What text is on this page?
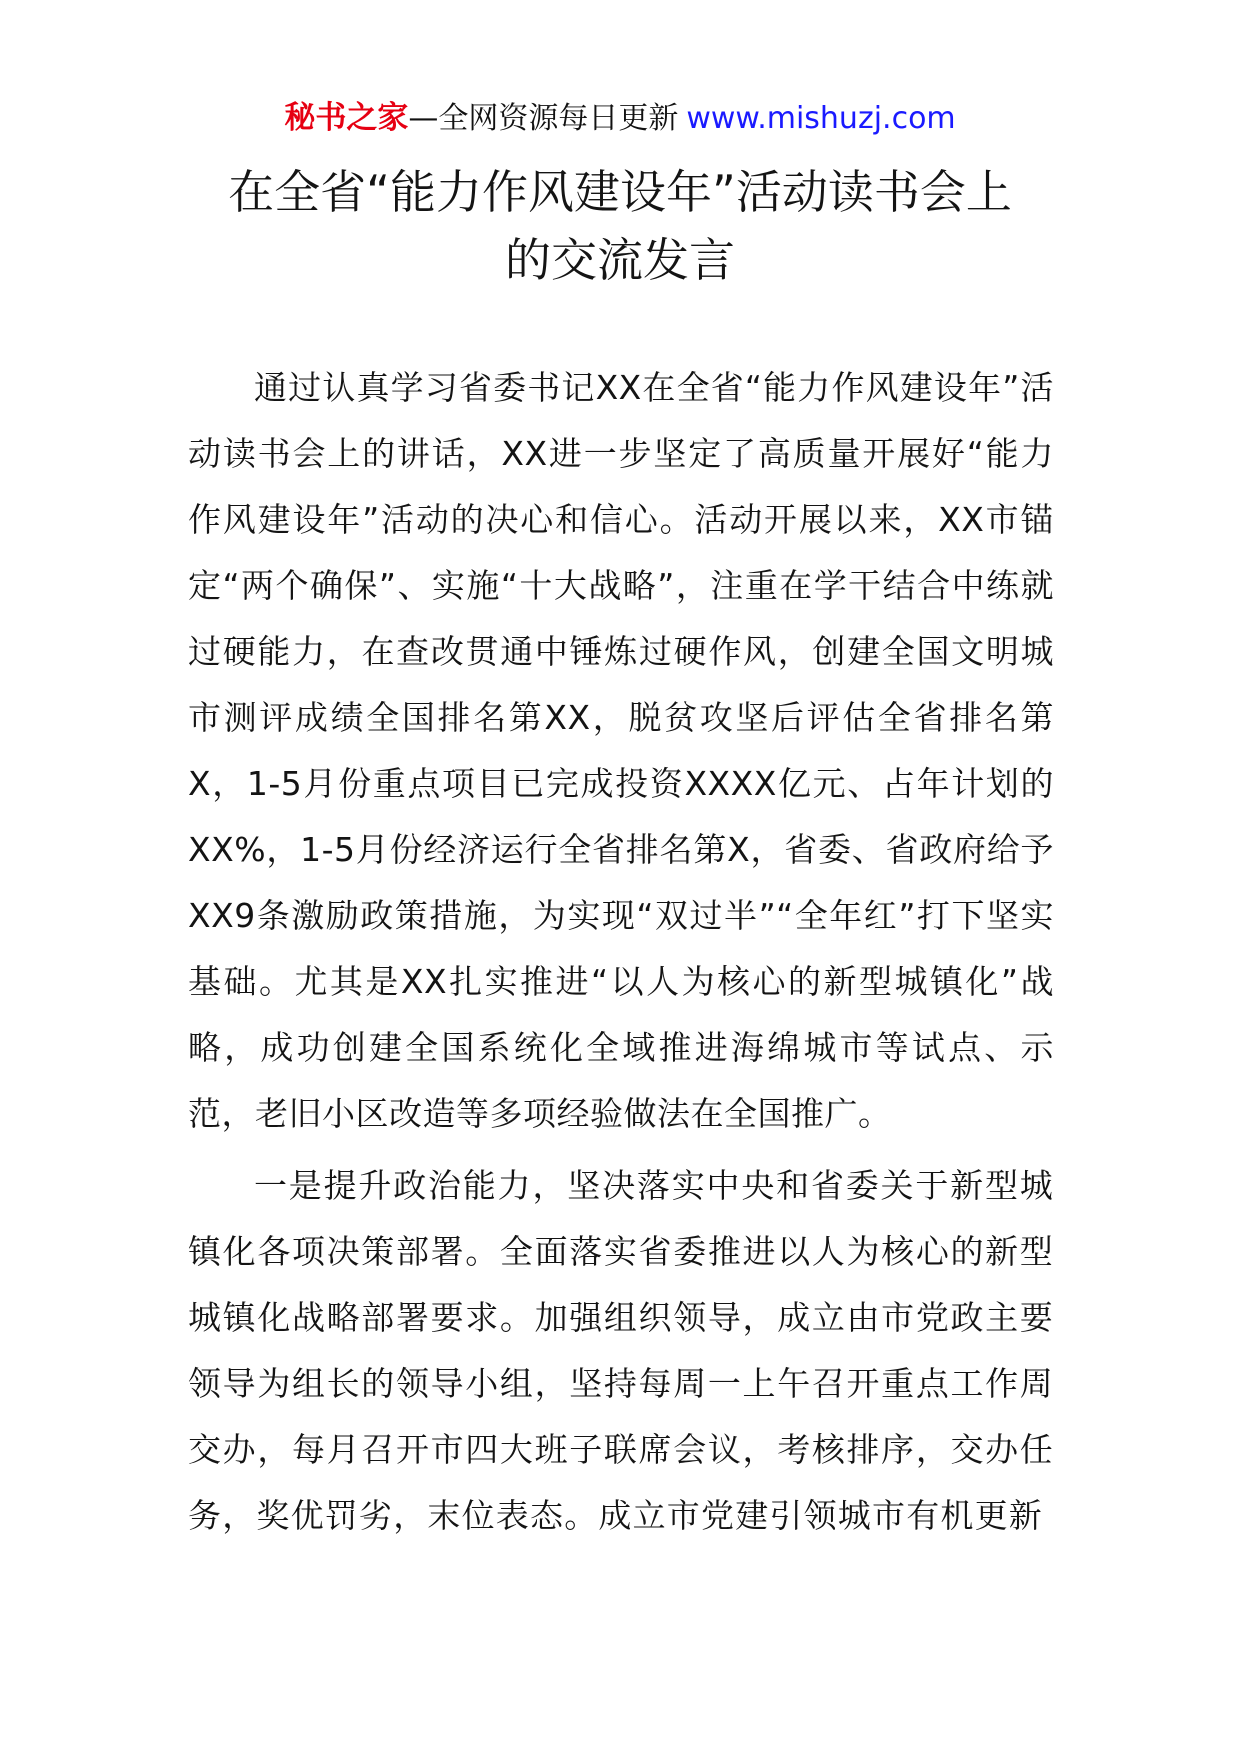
秘书之家—全网资源每日更新 www.mishuzj.com
在全省“能力作风建设年”活动读书会上
的交流发言

通过认真学习省委书记XX在全省“能力作风建设年”活动读书会上的讲话，XX进一步坚定了高质量开展好“能力作风建设年”活动的决心和信心。活动开展以来，XX市锚定“两个确保”、实施“十大战略”，注重在学干结合中练就过硬能力，在查改贯通中锤炼过硬作风，创建全国文明城市测评成绩全国排名第XX，脱贫攻坚后评估全省排名第X，1-5月份重点项目已完成投资XXXX亿元、占年计划的XX%，1-5月份经济运行全省排名第X，省委、省政府给予XX9条激励政策措施，为实现“双过半”“全年红”打下坚实基础。尤其是XX扎实推进“以人为核心的新型城镇化”战略，成功创建全国系统化全域推进海绵城市等试点、示范，老旧小区改造等多项经验做法在全国推广。

一是提升政治能力，坚决落实中央和省委关于新型城镇化各项决策部署。全面落实省委推进以人为核心的新型城镇化战略部署要求。加强组织领导，成立由市党政主要领导为组长的领导小组，坚持每周一上午召开重点工作周交办，每月召开市四大班子联席会议，考核排序，交办任务，奖优罚劣，末位表态。成立市党建引领城市有机更新
